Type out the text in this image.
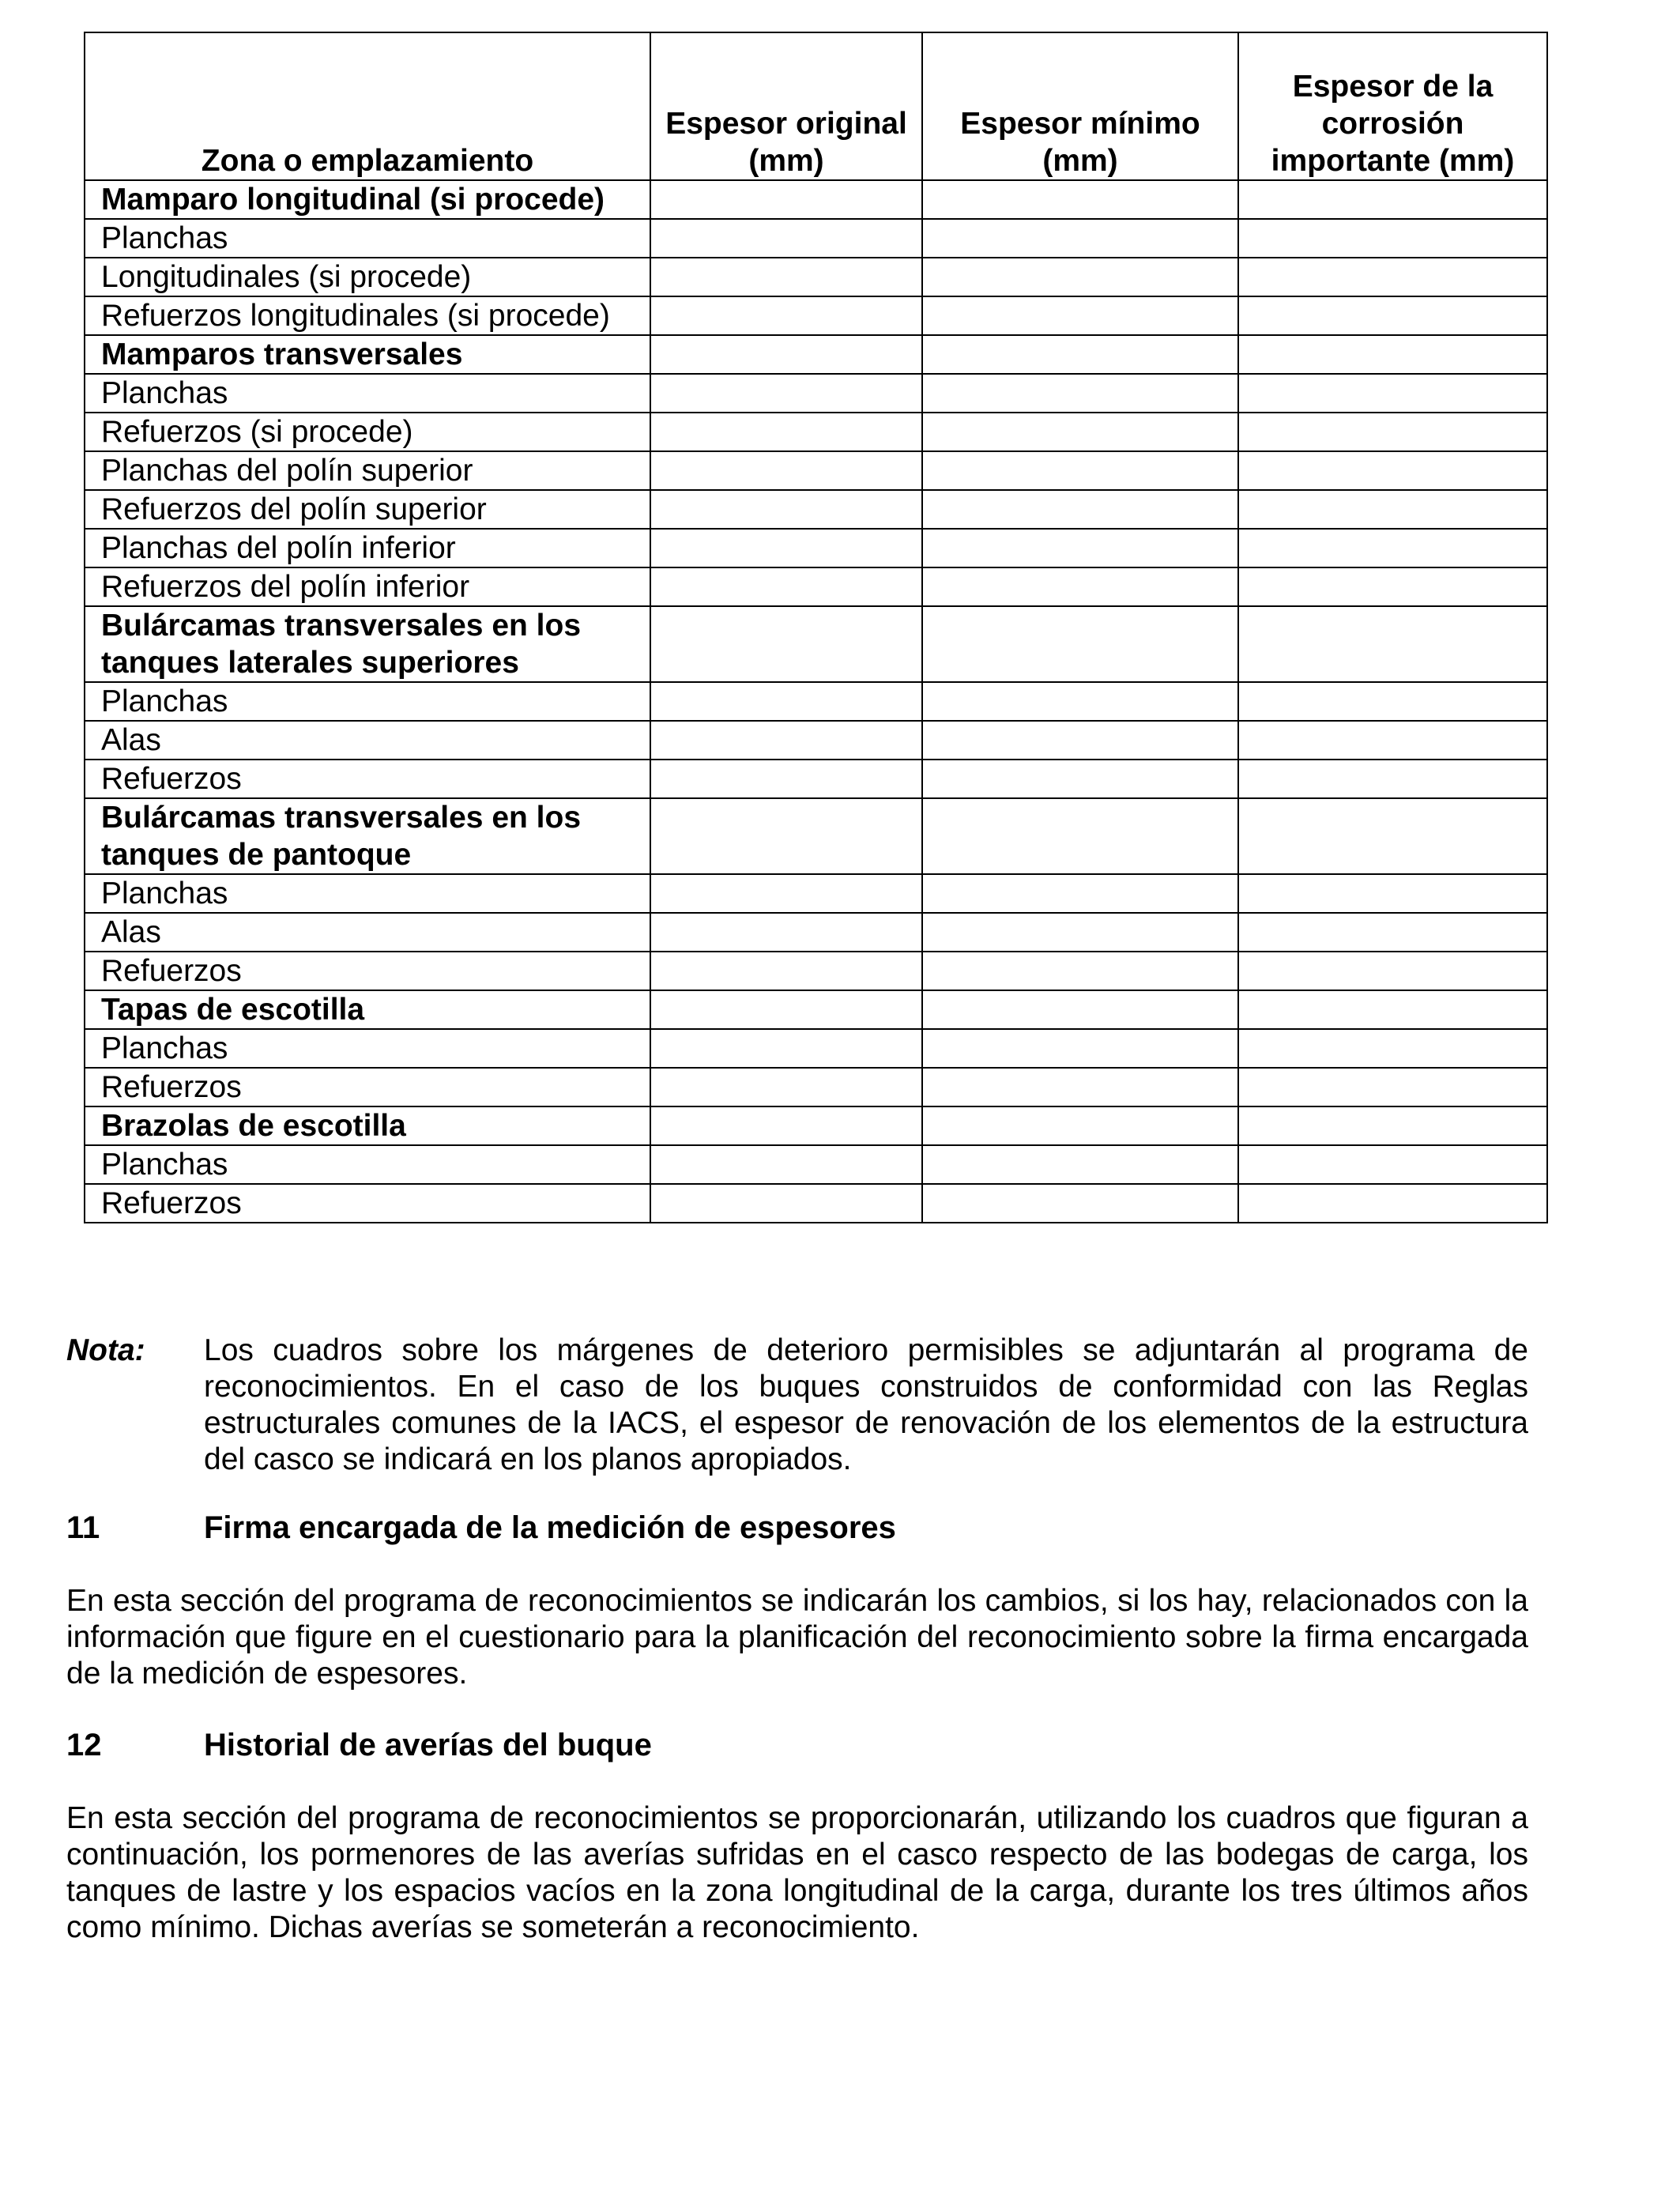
Zona o emplazamiento	Espesor original (mm)	Espesor mínimo (mm)	Espesor de la corrosión importante (mm)
Mamparo longitudinal (si procede)			
Planchas			
Longitudinales (si procede)			
Refuerzos longitudinales (si procede)			
Mamparos transversales			
Planchas			
Refuerzos (si procede)			
Planchas del polín superior			
Refuerzos del polín superior			
Planchas del polín inferior			
Refuerzos del polín inferior			
Bulárcamas transversales en los tanques laterales superiores			
Planchas			
Alas			
Refuerzos			
Bulárcamas transversales en los tanques de pantoque			
Planchas			
Alas			
Refuerzos			
Tapas de escotilla			
Planchas			
Refuerzos			
Brazolas de escotilla			
Planchas			
Refuerzos			
Nota: Los cuadros sobre los márgenes de deterioro permisibles se adjuntarán al programa de reconocimientos. En el caso de los buques construidos de conformidad con las Reglas estructurales comunes de la IACS, el espesor de renovación de los elementos de la estructura del casco se indicará en los planos apropiados.
11	Firma encargada de la medición de espesores
En esta sección del programa de reconocimientos se indicarán los cambios, si los hay, relacionados con la información que figure en el cuestionario para la planificación del reconocimiento sobre la firma encargada de la medición de espesores.
12	Historial de averías del buque
En esta sección del programa de reconocimientos se proporcionarán, utilizando los cuadros que figuran a continuación, los pormenores de las averías sufridas en el casco respecto de las bodegas de carga, los tanques de lastre y los espacios vacíos en la zona longitudinal de la carga, durante los tres últimos años como mínimo. Dichas averías se someterán a reconocimiento.
